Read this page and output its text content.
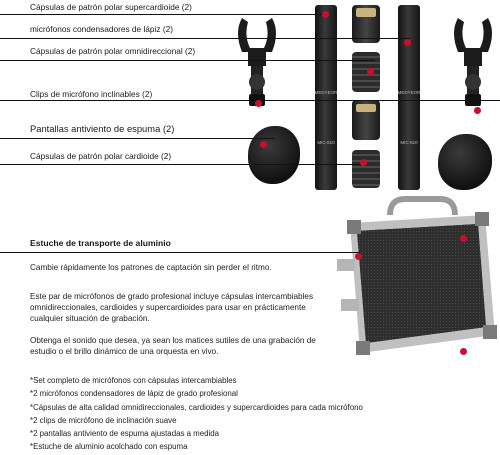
MEDYEOR	MEDYEOR
MIC-810	MIC-810
Cápsulas de patrón polar supercardioide (2)
micrófonos condensadores de lápiz (2)
Cápsulas de patrón polar omnidireccional (2)
Clips de micrófono inclinables (2)
Pantallas antiviento de espuma (2)
Cápsulas de patrón polar cardioide (2)
Estuche de transporte de aluminio
Cambie rápidamente los patrones de captación sin perder el ritmo.
Este par de micrófonos de grado profesional incluye cápsulas intercambiables omnidireccionales, cardioides y supercardioides para usar en prácticamente cualquier situación de grabación.
Obtenga el sonido que desea, ya sean los matices sutiles de una grabación de estudio o el brillo dinámico de una orquesta en vivo.
*Set completo de micrófonos con cápsulas intercambiables
*2 micrófonos condensadores de lápiz de grado profesional
*Cápsulas de alta calidad omnidireccionales, cardioides y supercardioides para cada micrófono
*2 clips de micrófono de inclinación suave
*2 pantallas antiviento de espuma ajustadas a medida
*Estuche de aluminio acolchado con espuma
